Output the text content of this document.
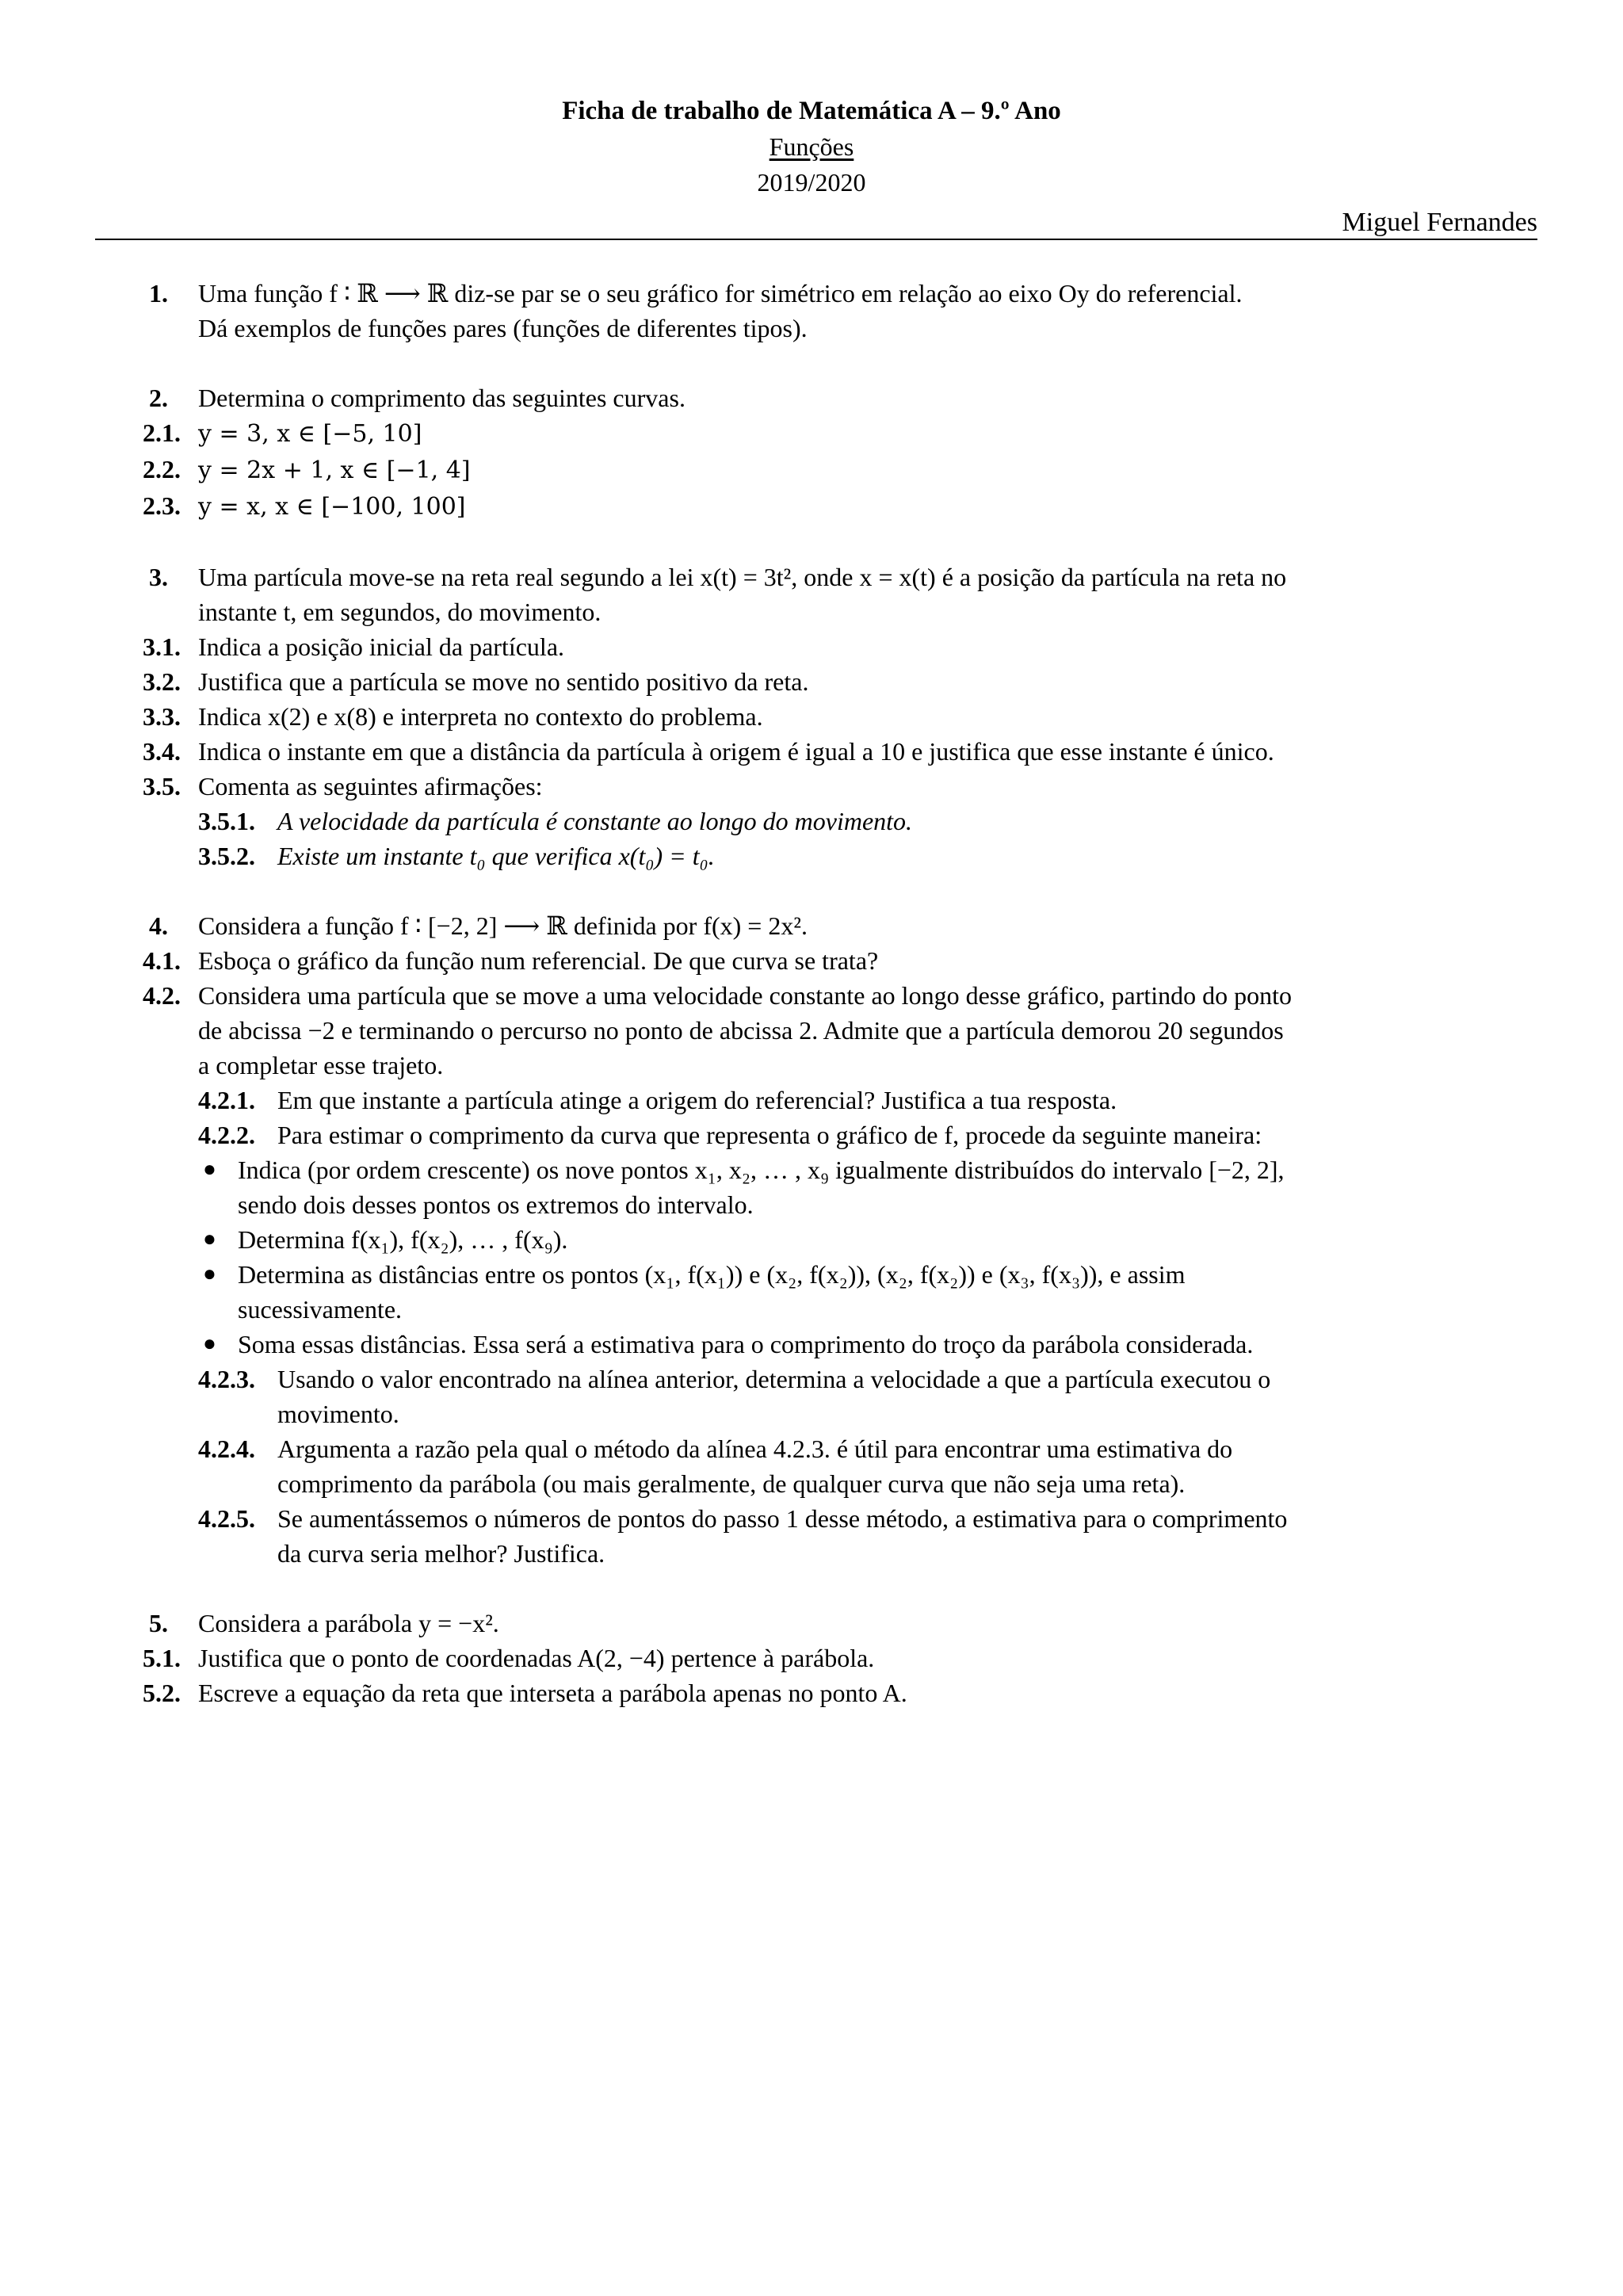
Ficha de trabalho de Matemática A – 9.º Ano
Funções
2019/2020
Miguel Fernandes
1. Uma função f ∶ ℝ ⟶ ℝ diz-se par se o seu gráfico for simétrico em relação ao eixo Oy do referencial.
Dá exemplos de funções pares (funções de diferentes tipos).
2. Determina o comprimento das seguintes curvas.
2.1. y = 3, x ∈ [−5, 10]
2.2. y = 2x + 1, x ∈ [−1, 4]
2.3. y = x, x ∈ [−100, 100]
3. Uma partícula move-se na reta real segundo a lei x(t) = 3t², onde x = x(t) é a posição da partícula na reta no
instante t, em segundos, do movimento.
3.1. Indica a posição inicial da partícula.
3.2. Justifica que a partícula se move no sentido positivo da reta.
3.3. Indica x(2) e x(8) e interpreta no contexto do problema.
3.4. Indica o instante em que a distância da partícula à origem é igual a 10 e justifica que esse instante é único.
3.5. Comenta as seguintes afirmações:
3.5.1. A velocidade da partícula é constante ao longo do movimento.
3.5.2. Existe um instante t₀ que verifica x(t₀) = t₀.
4. Considera a função f ∶ [−2, 2] ⟶ ℝ definida por f(x) = 2x².
4.1. Esboça o gráfico da função num referencial. De que curva se trata?
4.2. Considera uma partícula que se move a uma velocidade constante ao longo desse gráfico, partindo do ponto
de abcissa −2 e terminando o percurso no ponto de abcissa 2. Admite que a partícula demorou 20 segundos
a completar esse trajeto.
4.2.1. Em que instante a partícula atinge a origem do referencial? Justifica a tua resposta.
4.2.2. Para estimar o comprimento da curva que representa o gráfico de f, procede da seguinte maneira:
● Indica (por ordem crescente) os nove pontos x₁, x₂, … , x₉ igualmente distribuídos do intervalo [−2, 2],
sendo dois desses pontos os extremos do intervalo.
● Determina f(x₁), f(x₂), … , f(x₉).
● Determina as distâncias entre os pontos (x₁, f(x₁)) e (x₂, f(x₂)), (x₂, f(x₂)) e (x₃, f(x₃)), e assim
sucessivamente.
● Soma essas distâncias. Essa será a estimativa para o comprimento do troço da parábola considerada.
4.2.3. Usando o valor encontrado na alínea anterior, determina a velocidade a que a partícula executou o
movimento.
4.2.4. Argumenta a razão pela qual o método da alínea 4.2.3. é útil para encontrar uma estimativa do
comprimento da parábola (ou mais geralmente, de qualquer curva que não seja uma reta).
4.2.5. Se aumentássemos o números de pontos do passo 1 desse método, a estimativa para o comprimento
da curva seria melhor? Justifica.
5. Considera a parábola y = −x².
5.1. Justifica que o ponto de coordenadas A(2, −4) pertence à parábola.
5.2. Escreve a equação da reta que interseta a parábola apenas no ponto A.
